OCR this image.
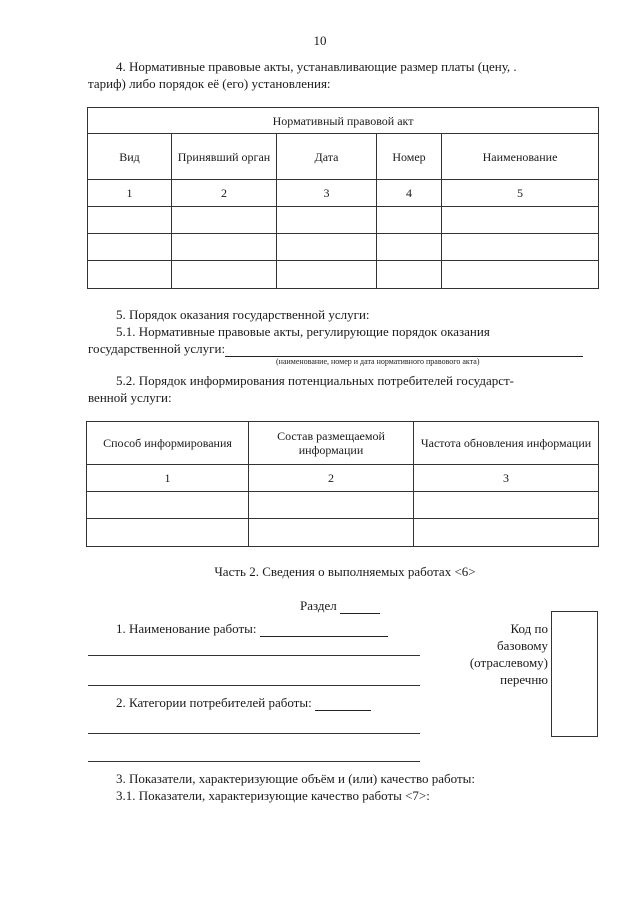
10
4. Нормативные правовые акты, устанавливающие размер платы (цену, .
тариф) либо порядок её (его) установления:
Нормативный правовой акт				
Вид	Принявший орган	Дата	Номер	Наименование
1	2	3	4	5

5. Порядок оказания государственной услуги:
5.1. Нормативные правовые акты, регулирующие порядок оказания
государственной услуги:
(наименование, номер и дата нормативного правового акта)
5.2. Порядок информирования потенциальных потребителей государст-
венной услуги:
Способ информирования	Состав размещаемой информации	Частота обновления информации
1	2	3

Часть 2. Сведения о выполняемых работах <6>
Раздел
1. Наименование работы:
2. Категории потребителей работы:
Код по
базовому
(отраслевому)
перечню
3. Показатели, характеризующие объём и (или) качество работы:
3.1. Показатели, характеризующие качество работы <7>:
